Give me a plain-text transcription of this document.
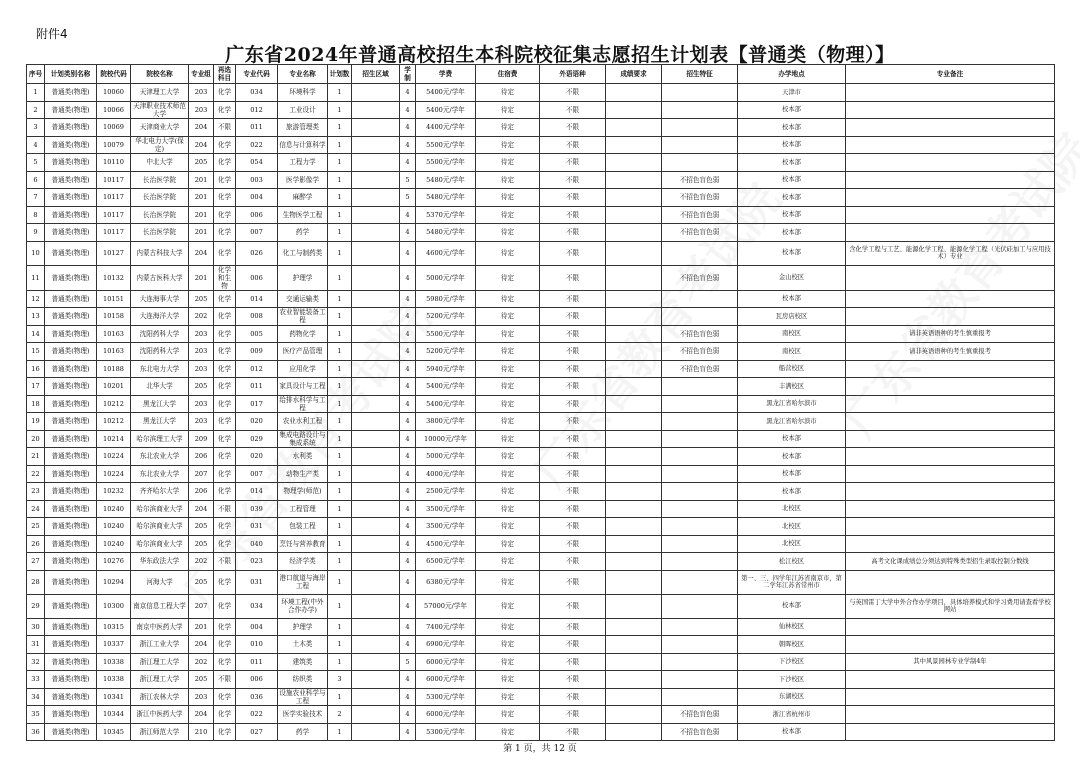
附件4
广东省2024年普通高校招生本科院校征集志愿招生计划表【普通类（物理）】
序号	计划类别名称	院校代码	院校名称	专业组	再选科目	专业代码	专业名称	计划数	招生区域	学制	学费	住宿费	外语语种	成绩要求	招生特征	办学地点	专业备注
1	普通类(物理)	10060	天津理工大学	203	化学	034	环境科学	1		4	5400元/学年	待定	不限			天津市	
2	普通类(物理)	10066	天津职业技术师范大学	203	化学	012	工业设计	1		4	5400元/学年	待定	不限			校本部	
3	普通类(物理)	10069	天津商业大学	204	不限	011	旅游管理类	1		4	4400元/学年	待定	不限			校本部	
4	普通类(物理)	10079	华北电力大学(保定)	204	化学	022	信息与计算科学	1		4	5500元/学年	待定	不限			校本部	
5	普通类(物理)	10110	中北大学	205	化学	054	工程力学	1		4	5500元/学年	待定	不限			校本部	
6	普通类(物理)	10117	长治医学院	201	化学	003	医学影像学	1		5	5480元/学年	待定	不限		不招色盲色弱	校本部	
7	普通类(物理)	10117	长治医学院	201	化学	004	麻醉学	1		5	5480元/学年	待定	不限		不招色盲色弱	校本部	
8	普通类(物理)	10117	长治医学院	201	化学	006	生物医学工程	1		4	5370元/学年	待定	不限		不招色盲色弱	校本部	
9	普通类(物理)	10117	长治医学院	201	化学	007	药学	1		4	5480元/学年	待定	不限		不招色盲色弱	校本部	
10	普通类(物理)	10127	内蒙古科技大学	204	化学	026	化工与制药类	1		4	4600元/学年	待定	不限			校本部	含化学工程与工艺、能源化学工程、能源化学工程（光伏硅加工与应用技术）专业
11	普通类(物理)	10132	内蒙古医科大学	201	化学和生物	006	护理学	1		4	5000元/学年	待定	不限		不招色盲色弱	金山校区	
12	普通类(物理)	10151	大连海事大学	205	化学	014	交通运输类	1		4	5980元/学年	待定	不限			校本部	
13	普通类(物理)	10158	大连海洋大学	202	化学	008	农业智能装备工程	1		4	5200元/学年	待定	不限			瓦房店校区	
14	普通类(物理)	10163	沈阳药科大学	203	化学	005	药物化学	1		4	5500元/学年	待定	不限		不招色盲色弱	南校区	请非英语语种的考生慎重报考
15	普通类(物理)	10163	沈阳药科大学	203	化学	009	医疗产品管理	1		4	5200元/学年	待定	不限		不招色盲色弱	南校区	请非英语语种的考生慎重报考
16	普通类(物理)	10188	东北电力大学	203	化学	012	应用化学	1		4	5940元/学年	待定	不限		不招色盲色弱	船营校区	
17	普通类(物理)	10201	北华大学	205	化学	011	家具设计与工程	1		4	5400元/学年	待定	不限			丰满校区	
18	普通类(物理)	10212	黑龙江大学	203	化学	017	给排水科学与工程	1		4	5400元/学年	待定	不限			黑龙江省哈尔滨市	
19	普通类(物理)	10212	黑龙江大学	203	化学	020	农业水利工程	1		4	3800元/学年	待定	不限			黑龙江省哈尔滨市	
20	普通类(物理)	10214	哈尔滨理工大学	209	化学	029	集成电路设计与集成系统	1		4	10000元/学年	待定	不限			校本部	
21	普通类(物理)	10224	东北农业大学	206	化学	020	水利类	1		4	5000元/学年	待定	不限			校本部	
22	普通类(物理)	10224	东北农业大学	207	化学	007	动物生产类	1		4	4000元/学年	待定	不限			校本部	
23	普通类(物理)	10232	齐齐哈尔大学	206	化学	014	物理学(师范)	1		4	2500元/学年	待定	不限			校本部	
24	普通类(物理)	10240	哈尔滨商业大学	204	不限	039	工程管理	1		4	3500元/学年	待定	不限			北校区	
25	普通类(物理)	10240	哈尔滨商业大学	205	化学	031	包装工程	1		4	3500元/学年	待定	不限			北校区	
26	普通类(物理)	10240	哈尔滨商业大学	205	化学	040	烹饪与营养教育	1		4	4500元/学年	待定	不限			北校区	
27	普通类(物理)	10276	华东政法大学	202	不限	023	经济学类	1		4	6500元/学年	待定	不限			松江校区	高考文化课成绩总分须达到特殊类型招生录取控制分数线
28	普通类(物理)	10294	河海大学	205	化学	031	港口航道与海岸工程	1		4	6380元/学年	待定	不限			第一、三、四学年江苏省南京市，第二学年江苏省常州市	
29	普通类(物理)	10300	南京信息工程大学	207	化学	034	环境工程(中外合作办学)	1		4	57000元/学年	待定	不限			校本部	与英国雷丁大学中外合作办学项目，具体培养模式和学习费用请查看学校网站
30	普通类(物理)	10315	南京中医药大学	201	化学	004	护理学	1		4	7400元/学年	待定	不限			仙林校区	
31	普通类(物理)	10337	浙江工业大学	204	化学	010	土木类	1		4	6900元/学年	待定	不限			朝晖校区	
32	普通类(物理)	10338	浙江理工大学	202	化学	011	建筑类	1		5	6000元/学年	待定	不限			下沙校区	其中风景园林专业学制4年
33	普通类(物理)	10338	浙江理工大学	205	不限	006	纺织类	3		4	6000元/学年	待定	不限			下沙校区	
34	普通类(物理)	10341	浙江农林大学	203	化学	036	设施农业科学与工程	1		4	5300元/学年	待定	不限			东湖校区	
35	普通类(物理)	10344	浙江中医药大学	204	化学	022	医学实验技术	2		4	6000元/学年	待定	不限		不招色盲色弱	浙江省杭州市	
36	普通类(物理)	10345	浙江师范大学	210	化学	027	药学	1		4	5300元/学年	待定	不限		不招色盲色弱	校本部	
第 1 页，共 12 页
